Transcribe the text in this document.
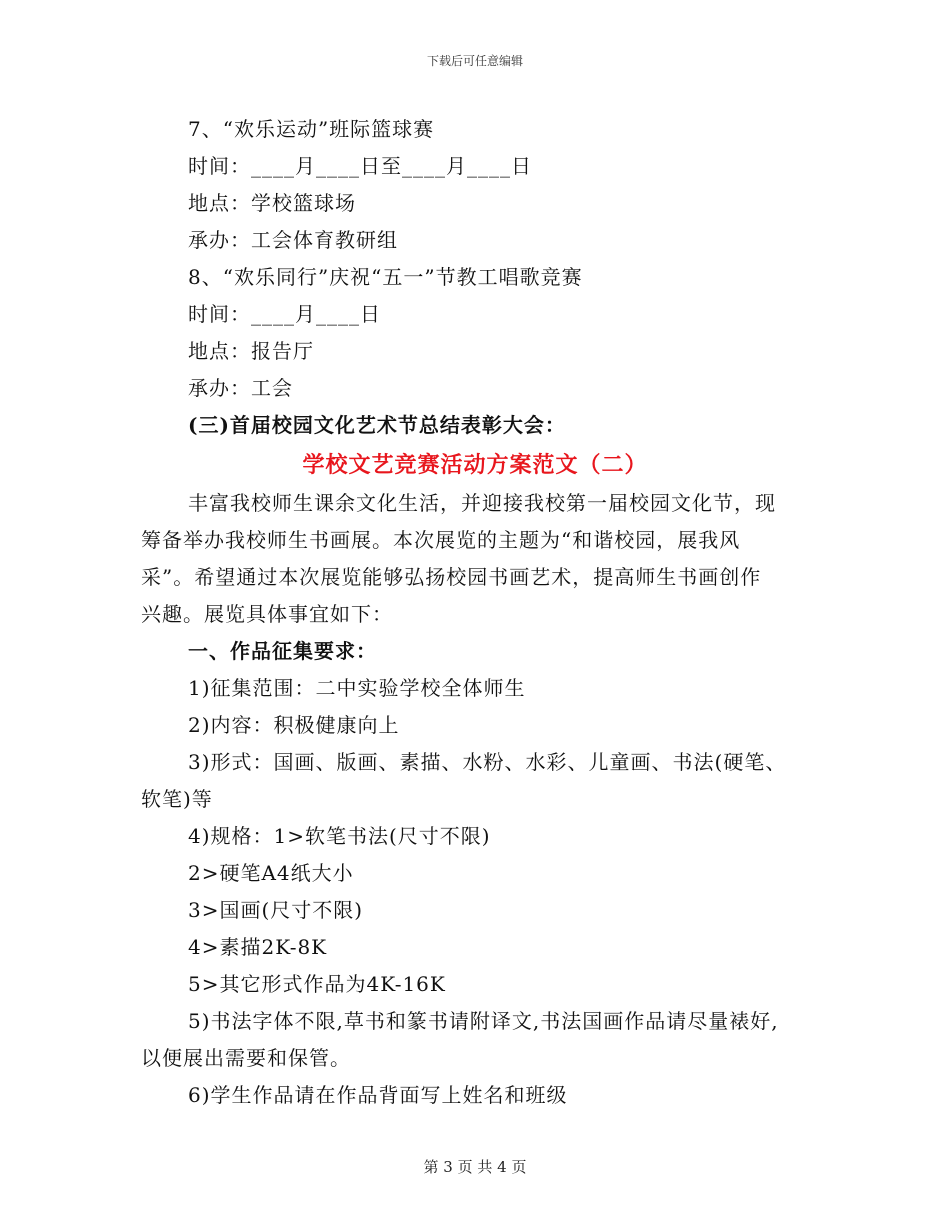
下载后可任意编辑
7、“欢乐运动”班际篮球赛
时间：____月____日至____月____日
地点：学校篮球场
承办：工会体育教研组
8、“欢乐同行”庆祝“五一”节教工唱歌竞赛
时间：____月____日
地点：报告厅
承办：工会
(三)首届校园文化艺术节总结表彰大会：
学校文艺竞赛活动方案范文（二）
丰富我校师生课余文化生活，并迎接我校第一届校园文化节，现
筹备举办我校师生书画展。本次展览的主题为“和谐校园，展我风
采”。希望通过本次展览能够弘扬校园书画艺术，提高师生书画创作
兴趣。展览具体事宜如下：
一、作品征集要求：
1)征集范围：二中实验学校全体师生
2)内容：积极健康向上
3)形式：国画、版画、素描、水粉、水彩、儿童画、书法(硬笔、
软笔)等
4)规格：1>软笔书法(尺寸不限)
2>硬笔A4纸大小
3>国画(尺寸不限)
4>素描2K-8K
5>其它形式作品为4K-16K
5)书法字体不限,草书和篆书请附译文,书法国画作品请尽量裱好,
以便展出需要和保管。
6)学生作品请在作品背面写上姓名和班级
第 3 页 共 4 页
